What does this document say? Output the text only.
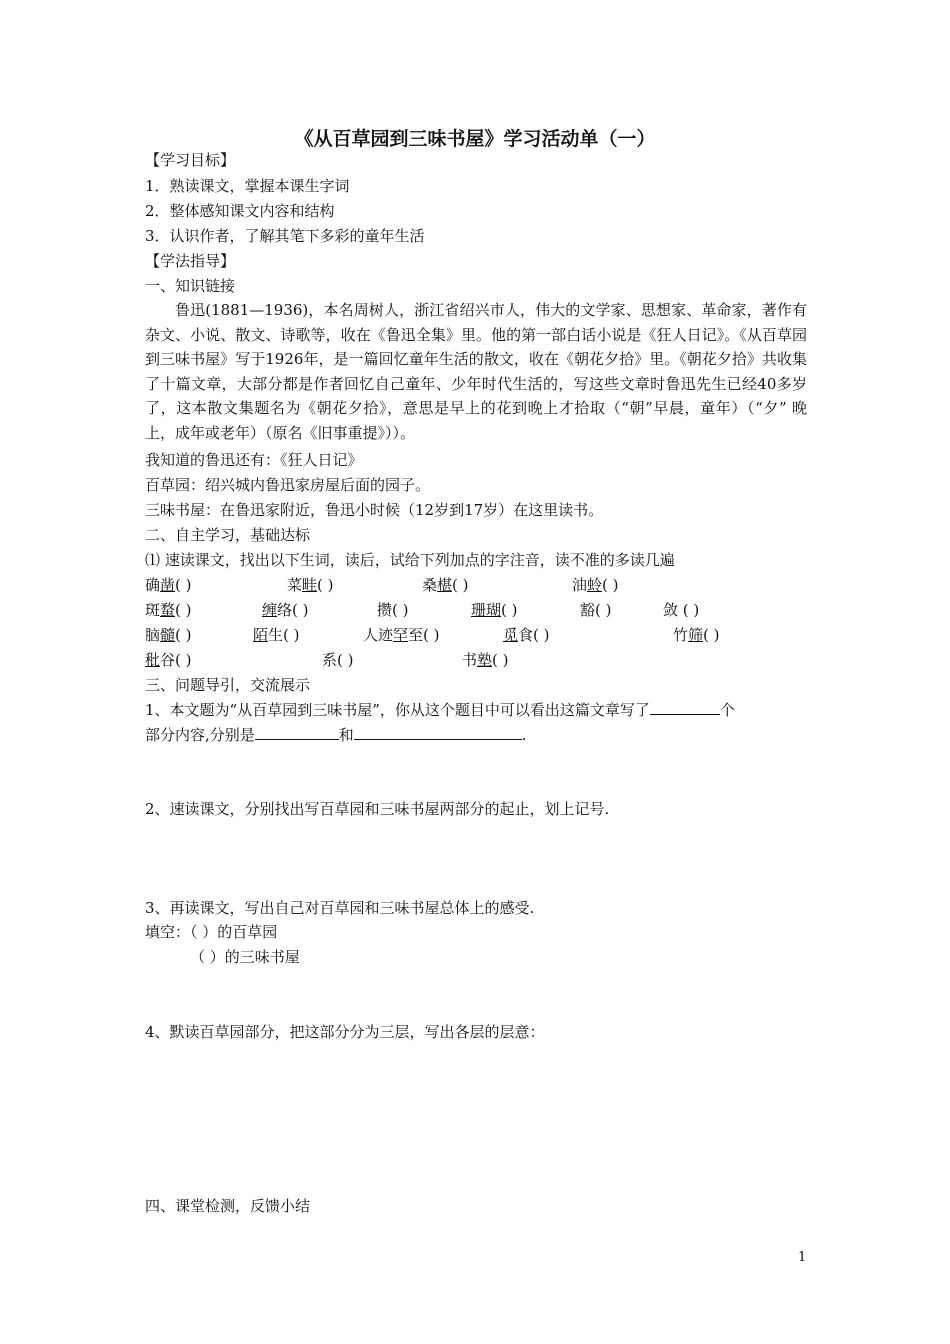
《从百草园到三味书屋》学习活动单（一）
【学习目标】
1．熟读课文，掌握本课生字词
2．整体感知课文内容和结构
3．认识作者，了解其笔下多彩的童年生活
【学法指导】
一、知识链接
鲁迅(1881—1936)，本名周树人，浙江省绍兴市人，伟大的文学家、思想家、革命家，著作有杂文、小说、散文、诗歌等，收在《鲁迅全集》里。他的第一部白话小说是《狂人日记》。《从百草园到三味书屋》写于1926年，是一篇回忆童年生活的散文，收在《朝花夕拾》里。《朝花夕拾》共收集了十篇文章，大部分都是作者回忆自己童年、少年时代生活的，写这些文章时鲁迅先生已经40多岁了，这本散文集题名为《朝花夕拾》，意思是早上的花到晚上才拾取（“朝”早晨，童年）（“夕” 晚上，成年或老年）（原名《旧事重提》））。
我知道的鲁迅还有：《狂人日记》
百草园：绍兴城内鲁迅家房屋后面的园子。
三味书屋：在鲁迅家附近，鲁迅小时候（12岁到17岁）在这里读书。
二、自主学习，基础达标
⑴ 速读课文，找出以下生词，读后，试给下列加点的字注音，读不准的多读几遍
确凿( )	菜畦( )	桑椹( )	油蛉( )
斑蝥( )	缠络( )	攒( )	珊瑚( )	豁( )	敛 ( )
脑髓( )	陌生( )	人迹罕至( )	觅食( )	竹筛( )
秕谷( )	系( )	书塾( )
三、问题导引，交流展示
1、本文题为“从百草园到三味书屋”，你从这个题目中可以看出这篇文章写了	个
部分内容,分别是	和	.
2、速读课文，分别找出写百草园和三味书屋两部分的起止，划上记号.
3、再读课文，写出自己对百草园和三味书屋总体上的感受.
填空：（ ）的百草园
（ ）的三味书屋
4、默读百草园部分，把这部分分为三层，写出各层的层意：
四、课堂检测，反馈小结
1
